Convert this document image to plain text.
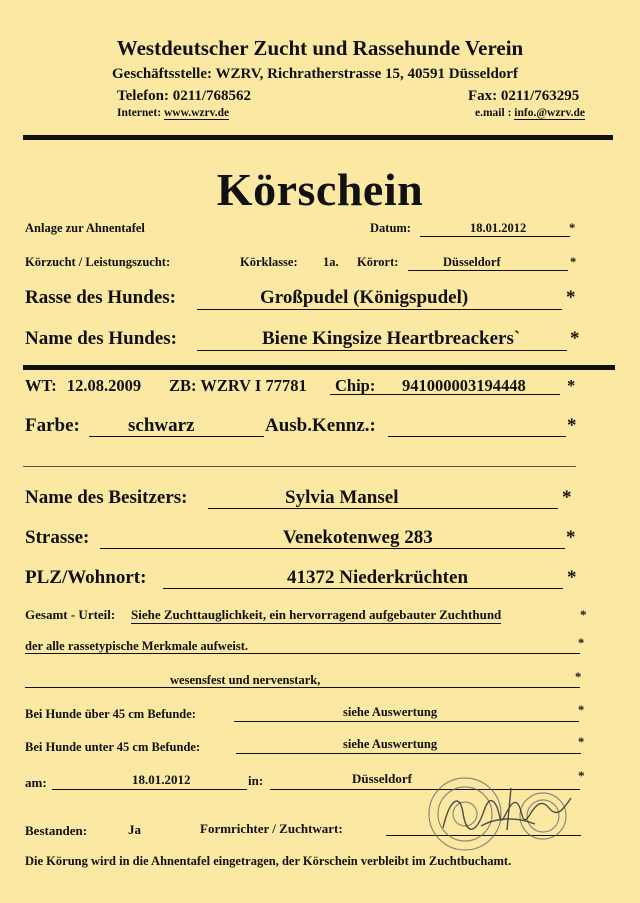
Westdeutscher Zucht und Rassehunde Verein
Geschäftsstelle: WZRV, Richratherstrasse 15, 40591 Düsseldorf
Telefon: 0211/768562	Fax: 0211/763295
Internet: www.wzrv.de	e.mail : info.@wzrv.de
Körschein
Anlage zur Ahnentafel	Datum:	18.01.2012	*
Körzucht / Leistungszucht:	Körklasse: 1a. Körort:	Düsseldorf	*
Rasse des Hundes:	Großpudel (Königspudel)	*
Name des Hundes:	Biene Kingsize Heartbreackers`	*
WT: 12.08.2009 ZB: WZRV I 77781 Chip: 941000003194448	*
Farbe:	schwarz	Ausb.Kennz.:	*
Name des Besitzers:	Sylvia Mansel	*
Strasse:	Venekotenweg 283	*
PLZ/Wohnort:	41372 Niederkrüchten	*
Gesamt - Urteil: Siehe Zuchttauglichkeit, ein hervorragend aufgebauter Zuchthund	*
der alle rassetypische Merkmale aufweist.	*
wesensfest und nervenstark,	*
Bei Hunde über 45 cm Befunde:	siehe Auswertung	*
Bei Hunde unter 45 cm Befunde:	siehe Auswertung	*
am:	18.01.2012	in:	Düsseldorf	*
Bestanden:	Ja	Formrichter / Zuchtwart:
Die Körung wird in die Ahnentafel eingetragen, der Körschein verbleibt im Zuchtbuchamt.
